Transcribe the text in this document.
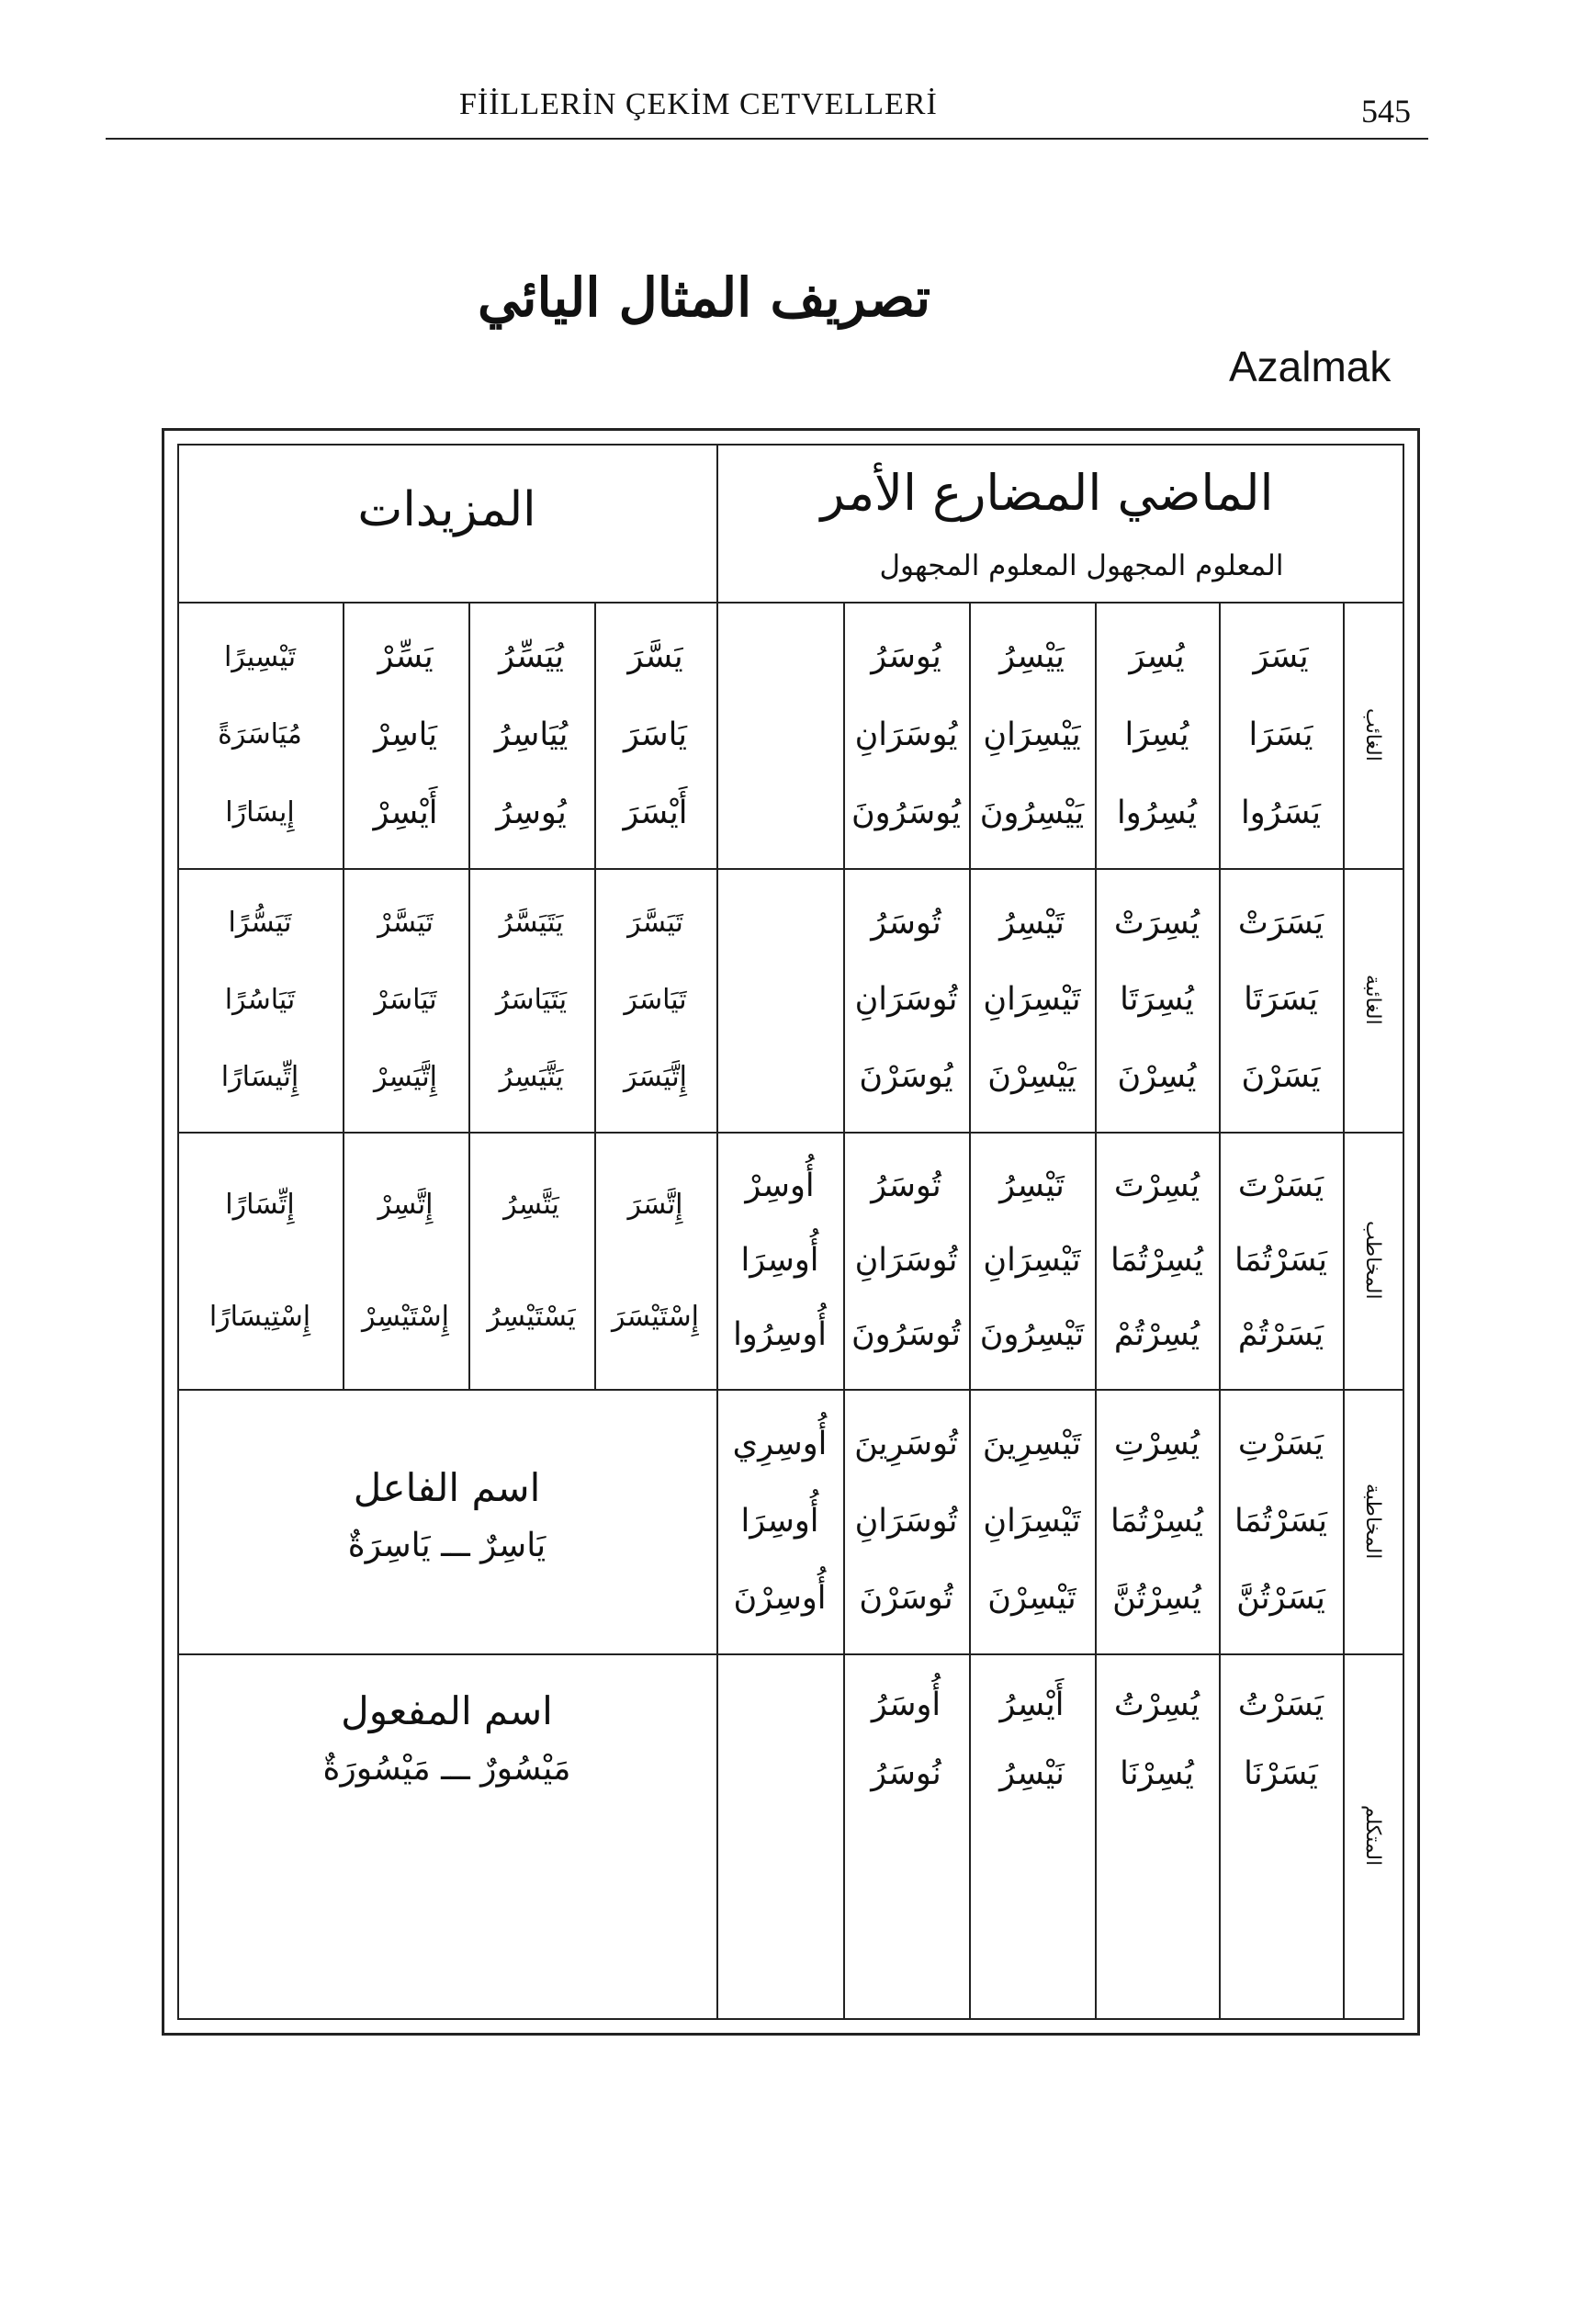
FİİLLERİN ÇEKİM CETVELLERİ	545
تصريف المثال اليائي
Azalmak
الماضي المضارع الأمر
المعلوم المجهول المعلوم المجهول
المزيدات
الغائب
يُوسَرُ
يُوسَرَانِ
يُوسَرُونَ
يَيْسِرُ
يَيْسِرَانِ
يَيْسِرُونَ
يُسِرَ
يُسِرَا
يُسِرُوا
يَسَرَ
يَسَرَا
يَسَرُوا
تَيْسِيرًا
مُيَاسَرَةً
إِيسَارًا
يَسِّرْ
يَاسِرْ
أَيْسِرْ
يُيَسِّرُ
يُيَاسِرُ
يُوسِرُ
يَسَّرَ
يَاسَرَ
أَيْسَرَ
الغائبة
تُوسَرُ
تُوسَرَانِ
يُوسَرْنَ
تَيْسِرُ
تَيْسِرَانِ
يَيْسِرْنَ
يُسِرَتْ
يُسِرَتَا
يُسِرْنَ
يَسَرَتْ
يَسَرَتَا
يَسَرْنَ
تَيَسُّرًا
تَيَاسُرًا
إِتِّيسَارًا
تَيَسَّرْ
تَيَاسَرْ
إِتَّيَسِرْ
يَتَيَسَّرُ
يَتَيَاسَرُ
يَتَّيَسِرُ
تَيَسَّرَ
تَيَاسَرَ
إِتَّيَسَرَ
المخاطب
أُوسِرْ
أُوسِرَا
أُوسِرُوا
تُوسَرُ
تُوسَرَانِ
تُوسَرُونَ
تَيْسِرُ
تَيْسِرَانِ
تَيْسِرُونَ
يُسِرْتَ
يُسِرْتُمَا
يُسِرْتُمْ
يَسَرْتَ
يَسَرْتُمَا
يَسَرْتُمْ
إِتِّسَارًا
إِسْتِيسَارًا
إِتَّسِرْ
إِسْتَيْسِرْ
يَتَّسِرُ
يَسْتَيْسِرُ
إِتَّسَرَ
إِسْتَيْسَرَ
المخاطبة
أُوسِرِي
أُوسِرَا
أُوسِرْنَ
تُوسَرِينَ
تُوسَرَانِ
تُوسَرْنَ
تَيْسِرِينَ
تَيْسِرَانِ
تَيْسِرْنَ
يُسِرْتِ
يُسِرْتُمَا
يُسِرْتُنَّ
يَسَرْتِ
يَسَرْتُمَا
يَسَرْتُنَّ
المتكلم
أُوسَرُ
نُوسَرُ
أَيْسِرُ
نَيْسِرُ
يُسِرْتُ
يُسِرْنَا
يَسَرْتُ
يَسَرْنَا
اسم الفاعل
يَاسِرٌ ـــ يَاسِرَةٌ
اسم المفعول
مَيْسُورٌ ـــ مَيْسُورَةٌ
